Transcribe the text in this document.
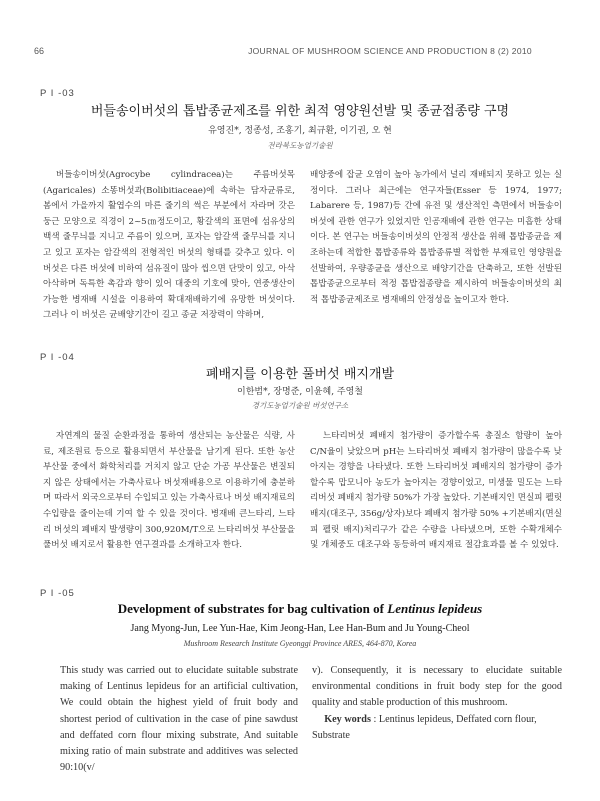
66	JOURNAL OF MUSHROOM SCIENCE AND PRODUCTION 8 (2) 2010
P I -03
버들송이버섯의 톱밥종균제조를 위한 최적 영양원선발 및 종균접종량 구명
유영진*, 정종성, 조홍기, 최규환, 이기권, 오 현
전라북도농업기술원

버들송이버섯(Agrocybe cylindracea)는 주름버섯목(Agaricales) 소똥버섯과(Bolibitiaceae)에 속하는 담자균류로, 봄에서 가을까지 활엽수의 마른 줄기의 썩은 부분에서 자라며 갓은 둥근 모양으로 직경이 2~5㎝정도이고, 황갈색의 표면에 섬유상의 백색 줄무늬를 지니고 주름이 있으며, 포자는 암갈색 줄무늬를 지니고 있고 포자는 암갈색의 전형적인 버섯의 형태를 갖추고 있다. 이 버섯은 다른 버섯에 비하여 섬유질이 많아 씹으면 단맛이 있고, 아삭아삭하며 독특한 촉감과 향이 있어 대중의 기호에 맞아, 연중생산이 가능한 병재배 시설을 이용하여 확대재배하기에 유망한 버섯이다. 그러나 이 버섯은 균배양기간이 길고 종균 저장력이 약하며,

배양중에 잡균 오염이 높아 농가에서 널리 재배되지 못하고 있는 실정이다. 그러나 최근에는 연구자들(Esser 등 1974, 1977; Labarere 등, 1987)등 간에 유전 및 생산적인 측면에서 버들송이버섯에 관한 연구가 있었지만 인공재배에 관한 연구는 미흡한 상태이다. 본 연구는 버들송이버섯의 안정적 생산을 위해 톱밥종균을 제조하는데 적합한 톱밥종류와 톱밥종류별 적합한 부재료인 영양원을 선발하여, 우량종균을 생산으로 배양기간을 단축하고, 또한 선발된 톱밥종균으로부터 적정 톱밥접종량을 제시하여 버들송이버섯의 최적 톱밥종균제조로 병재배의 안정성을 높이고자 한다.

P I -04
폐배지를 이용한 풀버섯 배지개발
이한범*, 장명준, 이윤혜, 주영철
경기도농업기술원 버섯연구소

자연계의 물질 순환과정을 통하여 생산되는 농산물은 식량, 사료, 제조원료 등으로 활용되면서 부산물을 남기게 된다. 또한 농산 부산물 중에서 화학처리를 거치지 않고 단순 가공 부산물은 변질되지 않은 상태에서는 가축사료나 버섯재배용으로 이용하기에 충분하며 따라서 외국으로부터 수입되고 있는 가축사료나 버섯 배지재료의 수입량을 줄이는데 기여 할 수 있을 것이다. 병재배 큰느타리, 느타리 버섯의 폐배지 발생량이 300,920M/T으로 느타리버섯 부산물을 풀버섯 배지로서 활용한 연구결과를 소개하고자 한다.

느타리버섯 폐배지 첨가량이 증가할수록 총질소 함량이 높아 C/N율이 낮았으며 pH는 느타리버섯 폐배지 첨가량이 많을수록 낮아지는 경향을 나타냈다. 또한 느타리버섯 폐배지의 첨가량이 증가할수록 맙모니아 농도가 높아지는 경향이었고, 미생물 밀도는 느타리버섯 폐배지 첨가량 50%가 가장 높았다. 기본배지인 면실피 펠릿 배지(대조구, 356g/상자)보다 폐배지 첨가량 50% +기본배지(면실피 펠릿 배지)처리구가 같은 수량을 나타냈으며, 또한 수확개체수 및 개체중도 대조구와 동등하여 배지재료 절감효과를 볼 수 있었다.

P I -05
Development of substrates for bag cultivation of Lentinus lepideus
Jang Myong-Jun, Lee Yun-Hae, Kim Jeong-Han, Lee Han-Bum and Ju Young-Cheol
Mushroom Research Institute Gyeonggi Province ARES, 464-870, Korea

This study was carried out to elucidate suitable substrate making of Lentinus lepideus for an artificial cultivation, We could obtain the highest yield of fruit body and shortest period of cultivation in the case of pine sawdust and deffated corn flour mixing substrate, And suitable mixing ratio of main substrate and additives was selected 90:10(v/

v). Consequently, it is necessary to elucidate suitable environmental conditions in fruit body step for the good quality and stable production of this mushroom.

Key words : Lentinus lepideus, Deffated corn flour, Substrate
